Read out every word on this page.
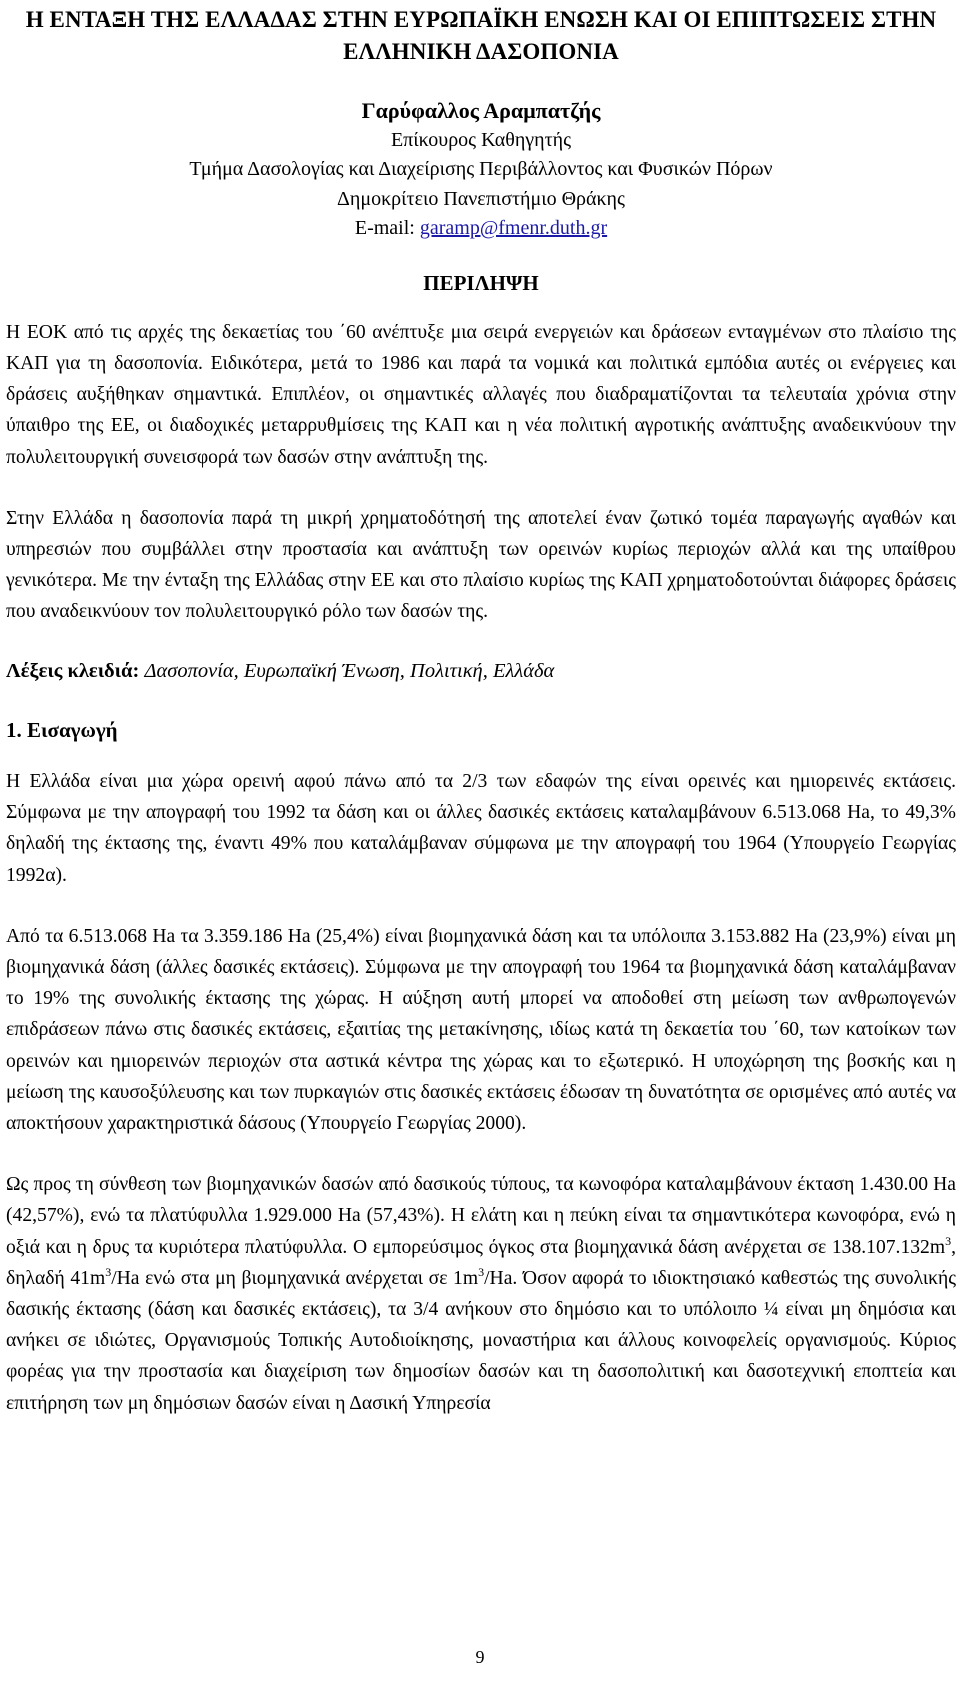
Η ΕΝΤΑΞΗ ΤΗΣ ΕΛΛΑΔΑΣ ΣΤΗΝ ΕΥΡΩΠΑΪΚΗ ΕΝΩΣΗ ΚΑΙ ΟΙ ΕΠΙΠΤΩΣΕΙΣ ΣΤΗΝ ΕΛΛΗΝΙΚΗ ΔΑΣΟΠΟΝΙΑ
Γαρύφαλλος Αραμπατζής
Επίκουρος Καθηγητής
Τμήμα Δασολογίας και Διαχείρισης Περιβάλλοντος και Φυσικών Πόρων
Δημοκρίτειο Πανεπιστήμιο Θράκης
E-mail: garamp@fmenr.duth.gr
ΠΕΡΙΛΗΨΗ

Η ΕΟΚ από τις αρχές της δεκαετίας του ΄60 ανέπτυξε μια σειρά ενεργειών και δράσεων ενταγμένων στο πλαίσιο της ΚΑΠ για τη δασοπονία. Ειδικότερα, μετά το 1986 και παρά τα νομικά και πολιτικά εμπόδια αυτές οι ενέργειες και δράσεις αυξήθηκαν σημαντικά. Επιπλέον, οι σημαντικές αλλαγές που διαδραματίζονται τα τελευταία χρόνια στην ύπαιθρο της ΕΕ, οι διαδοχικές μεταρρυθμίσεις της ΚΑΠ και η νέα πολιτική αγροτικής ανάπτυξης αναδεικνύουν την πολυλειτουργική συνεισφορά των δασών στην ανάπτυξη της.

Στην Ελλάδα η δασοπονία παρά τη μικρή χρηματοδότησή της αποτελεί έναν ζωτικό τομέα παραγωγής αγαθών και υπηρεσιών που συμβάλλει στην προστασία και ανάπτυξη των ορεινών κυρίως περιοχών αλλά και της υπαίθρου γενικότερα. Με την ένταξη της Ελλάδας στην ΕΕ και στο πλαίσιο κυρίως της ΚΑΠ χρηματοδοτούνται διάφορες δράσεις που αναδεικνύουν τον πολυλειτουργικό ρόλο των δασών της.

Λέξεις κλειδιά: Δασοπονία, Ευρωπαϊκή Ένωση, Πολιτική, Ελλάδα
1. Εισαγωγή

Η Ελλάδα είναι μια χώρα ορεινή αφού πάνω από τα 2/3 των εδαφών της είναι ορεινές και ημιορεινές εκτάσεις. Σύμφωνα με την απογραφή του 1992 τα δάση και οι άλλες δασικές εκτάσεις καταλαμβάνουν 6.513.068 Ha, το 49,3% δηλαδή της έκτασης της, έναντι 49% που καταλάμβαναν σύμφωνα με την απογραφή του 1964 (Υπουργείο Γεωργίας 1992α).

Από τα 6.513.068 Ha τα 3.359.186 Ha (25,4%) είναι βιομηχανικά δάση και τα υπόλοιπα 3.153.882 Ha (23,9%) είναι μη βιομηχανικά δάση (άλλες δασικές εκτάσεις). Σύμφωνα με την απογραφή του 1964 τα βιομηχανικά δάση καταλάμβαναν το 19% της συνολικής έκτασης της χώρας. Η αύξηση αυτή μπορεί να αποδοθεί στη μείωση των ανθρωπογενών επιδράσεων πάνω στις δασικές εκτάσεις, εξαιτίας της μετακίνησης, ιδίως κατά τη δεκαετία του ΄60, των κατοίκων των ορεινών και ημιορεινών περιοχών στα αστικά κέντρα της χώρας και το εξωτερικό. Η υποχώρηση της βοσκής και η μείωση της καυσοξύλευσης και των πυρκαγιών στις δασικές εκτάσεις έδωσαν τη δυνατότητα σε ορισμένες από αυτές να αποκτήσουν χαρακτηριστικά δάσους (Υπουργείο Γεωργίας 2000).

Ως προς τη σύνθεση των βιομηχανικών δασών από δασικούς τύπους, τα κωνοφόρα καταλαμβάνουν έκταση 1.430.00 Ha (42,57%), ενώ τα πλατύφυλλα 1.929.000 Ha (57,43%). Η ελάτη και η πεύκη είναι τα σημαντικότερα κωνοφόρα, ενώ η οξιά και η δρυς τα κυριότερα πλατύφυλλα. Ο εμπορεύσιμος όγκος στα βιομηχανικά δάση ανέρχεται σε $138.107.132m^3$, δηλαδή $41m^3/Ha$ ενώ στα μη βιομηχανικά ανέρχεται σε $1m^3/Ha$. Όσον αφορά το ιδιοκτησιακό καθεστώς της συνολικής δασικής έκτασης (δάση και δασικές εκτάσεις), τα 3/4 ανήκουν στο δημόσιο και το υπόλοιπο ¼ είναι μη δημόσια και ανήκει σε ιδιώτες, Οργανισμούς Τοπικής Αυτοδιοίκησης, μοναστήρια και άλλους κοινοφελείς οργανισμούς. Κύριος φορέας για την προστασία και διαχείριση των δημοσίων δασών και τη δασοπολιτική και δασοτεχνική εποπτεία και επιτήρηση των μη δημόσιων δασών είναι η Δασική Υπηρεσία

9
